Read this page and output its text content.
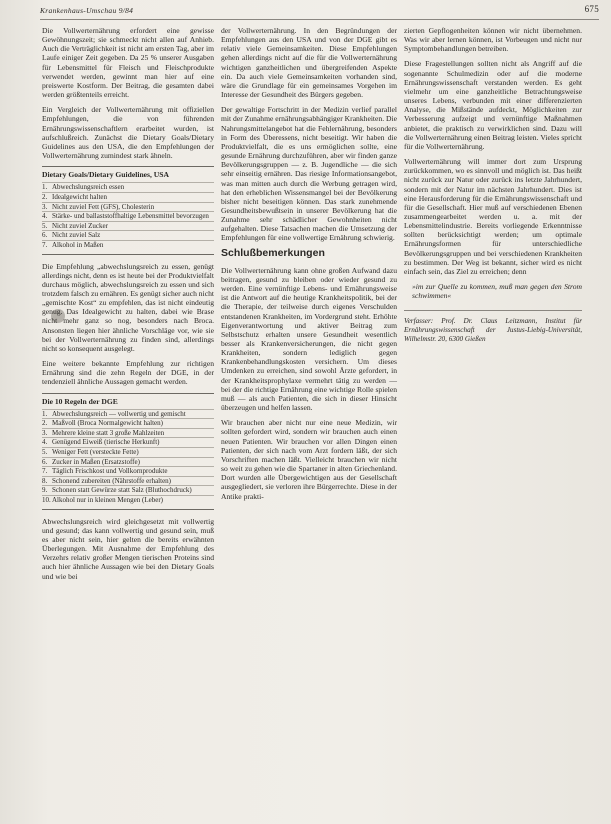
Krankenhaus-Umschau 9/84	675

Die Vollwerternährung erfordert eine gewisse Gewöhnungszeit; sie schmeckt nicht allen auf Anhieb. Auch die Verträglichkeit ist nicht am ersten Tag, aber im Laufe einiger Zeit gegeben. Da 25 % unserer Ausgaben für Lebensmittel für Fleisch und Fleischprodukte verwendet werden, gewinnt man hier auf eine preiswerte Kostform. Der Beitrag, die gesamten dabei werden größtenteils erreicht.

Ein Vergleich der Vollwerternährung mit offiziellen Empfehlungen, die von führenden Ernährungswissenschaftlern erarbeitet wurden, ist aufschlußreich. Zunächst die Dietary Goals/Dietary Guidelines aus den USA, die den Empfehlungen der Vollwerternährung zumindest stark ähneln.

Dietary Goals/Dietary Guidelines, USA
1. Abwechslungsreich essen
2. Idealgewicht halten
3. Nicht zuviel Fett (GFS), Cholesterin
4. Stärke- und ballaststoffhaltige Lebensmittel bevorzugen
5. Nicht zuviel Zucker
6. Nicht zuviel Salz
7. Alkohol in Maßen

Die Empfehlung „abwechslungsreich zu essen, genügt allerdings nicht, denn es ist heute bei der Produktvielfalt durchaus möglich, abwechslungsreich zu essen und sich trotzdem falsch zu ernähren. Es genügt sicher auch nicht „gemischte Kost“ zu empfehlen, das ist nicht eindeutig genug. Das Idealgewicht zu halten, dabei wie Brase nicht mehr ganz so nog, besonders nach Broca. Ansonsten liegen hier ähnliche Vorschläge vor, wie sie bei der Vollwerternährung zu finden sind, allerdings nicht so konsequent ausgelegt.

Eine weitere bekannte Empfehlung zur richtigen Ernährung sind die zehn Regeln der DGE, in der tendenziell ähnliche Aussagen gemacht werden.

Die 10 Regeln der DGE
1. Abwechslungsreich — vollwertig und gemischt
2. Maßvoll (Broca Normalgewicht halten)
3. Mehrere kleine statt 3 große Mahlzeiten
4. Genügend Eiweiß (tierische Herkunft)
5. Weniger Fett (versteckte Fette)
6. Zucker in Maßen (Ersatzstoffe)
7. Täglich Frischkost und Vollkornprodukte
8. Schonend zubereiten (Nährstoffe erhalten)
9. Schonen statt Gewürze statt Salz (Bluthochdruck)
10. Alkohol nur in kleinen Mengen (Leber)

Abwechslungsreich wird gleichgesetzt mit vollwertig und gesund; das kann vollwertig und gesund sein, muß es aber nicht sein, hier gelten die bereits erwähnten Überlegungen. Mit Ausnahme der Empfehlung des Verzehrs relativ großer Mengen tierischen Proteins sind auch hier ähnliche Aussagen wie bei den Dietary Goals und wie bei

der Vollwerternährung. In den Begründungen der Empfehlungen aus den USA und von der DGE gibt es relativ viele Gemeinsamkeiten. Diese Empfehlungen gehen allerdings nicht auf die für die Vollwerternährung wichtigen ganzheitlichen und übergreifenden Aspekte ein. Da auch viele Gemeinsamkeiten vorhanden sind, wäre die Grundlage für ein gemeinsames Vorgehen im Interesse der Gesundheit des Bürgers gegeben.

Der gewaltige Fortschritt in der Medizin verlief parallel mit der Zunahme ernährungsabhängiger Krankheiten. Die Nahrungsmittelangebot hat die Fehlernährung, besonders in Form des Überessens, nicht beseitigt. Wir haben die Produktvielfalt, die es uns ermöglichen sollte, eine gesunde Ernährung durchzuführen, aber wir finden ganze Bevölkerungsgruppen — z. B. Jugendliche — die sich sehr einseitig ernähren. Das riesige Informationsangebot, was man mitten auch durch die Werbung getragen wird, hat den erheblichen Wissensmangel bei der Bevölkerung bisher nicht beseitigen können. Das stark zunehmende Gesundheitsbewußtsein in unserer Bevölkerung hat die Zunahme sehr schädlicher Gewohnheiten nicht aufgehalten. Diese Tatsachen machen die Umsetzung der Empfehlungen für eine vollwertige Ernährung schwierig.

Schlußbemerkungen

Die Vollwerternährung kann ohne großen Aufwand dazu beitragen, gesund zu bleiben oder wieder gesund zu werden. Eine vernünftige Lebens- und Ernährungsweise ist die Antwort auf die heutige Krankheitspolitik, bei der die Therapie, der teilweise durch eigenes Verschulden entstandenen Krankheiten, im Vordergrund steht. Erhöhte Eigenverantwortung und aktiver Beitrag zum Selbstschutz erhalten unsere Gesundheit wesentlich besser als Krankenversicherungen, die nicht gegen Krankheiten, sondern lediglich gegen Krankenbehandlungskosten versichern. Um dieses Umdenken zu erreichen, sind sowohl Ärzte gefordert, in der Krankheitsprophylaxe vermehrt tätig zu werden — bei der die richtige Ernährung eine wichtige Rolle spielen muß — als auch Patienten, die sich in dieser Hinsicht überzeugen und helfen lassen.

Wir brauchen aber nicht nur eine neue Medizin, wir sollten gefordert wird, sondern wir brauchen auch einen neuen Patienten. Wir brauchen vor allen Dingen einen Patienten, der sich nach vom Arzt fordern läßt, der sich Vorschriften machen läßt. Vielleicht brauchen wir nicht so weit zu gehen wie die Spartaner in alten Griechenland. Dort wurden alle Übergewichtigen aus der Gesellschaft ausgegliedert, sie verloren ihre Bürgerrechte. Diese in der Antike prakti-

zierten Gepflogenheiten können wir nicht übernehmen. Was wir aber lernen können, ist Vorbeugen und nicht nur Symptombehandlungen betreiben.

Diese Fragestellungen sollten nicht als Angriff auf die sogenannte Schulmedizin oder auf die moderne Ernährungswissenschaft verstanden werden. Es geht vielmehr um eine ganzheitliche Betrachtungsweise unseres Lebens, verbunden mit einer differenzierten Analyse, die Mißstände aufdeckt, Möglichkeiten zur Verbesserung aufzeigt und vernünftige Maßnahmen anbietet, die praktisch zu verwirklichen sind. Dazu will die Vollwerternährung einen Beitrag leisten. Vieles spricht für die Vollwerternährung.

Vollwerternährung will immer dort zum Ursprung zurückkommen, wo es sinnvoll und möglich ist. Das heißt nicht zurück zur Natur oder zurück ins letzte Jahrhundert, sondern mit der Natur im nächsten Jahrhundert. Dies ist eine Herausforderung für die Ernährungswissenschaft und für die Gesellschaft. Hier muß auf verschiedenen Ebenen zusammengearbeitet werden u. a. mit der Lebensmittelindustrie. Bereits vorliegende Erkenntnisse sollten berücksichtigt werden; um optimale Ernährungsformen für unterschiedliche Bevölkerungsgruppen und bei verschiedenen Krankheiten zu bestimmen. Der Weg ist bekannt, sicher wird es nicht einfach sein, das Ziel zu erreichen; denn

»im zur Quelle zu kommen, muß man gegen den Strom schwimmen«
Verfasser: Prof. Dr. Claus Leitzmann, Institut für Ernährungswissenschaft der Justus-Liebig-Universität, Wilhelmstr. 20, 6300 Gießen
